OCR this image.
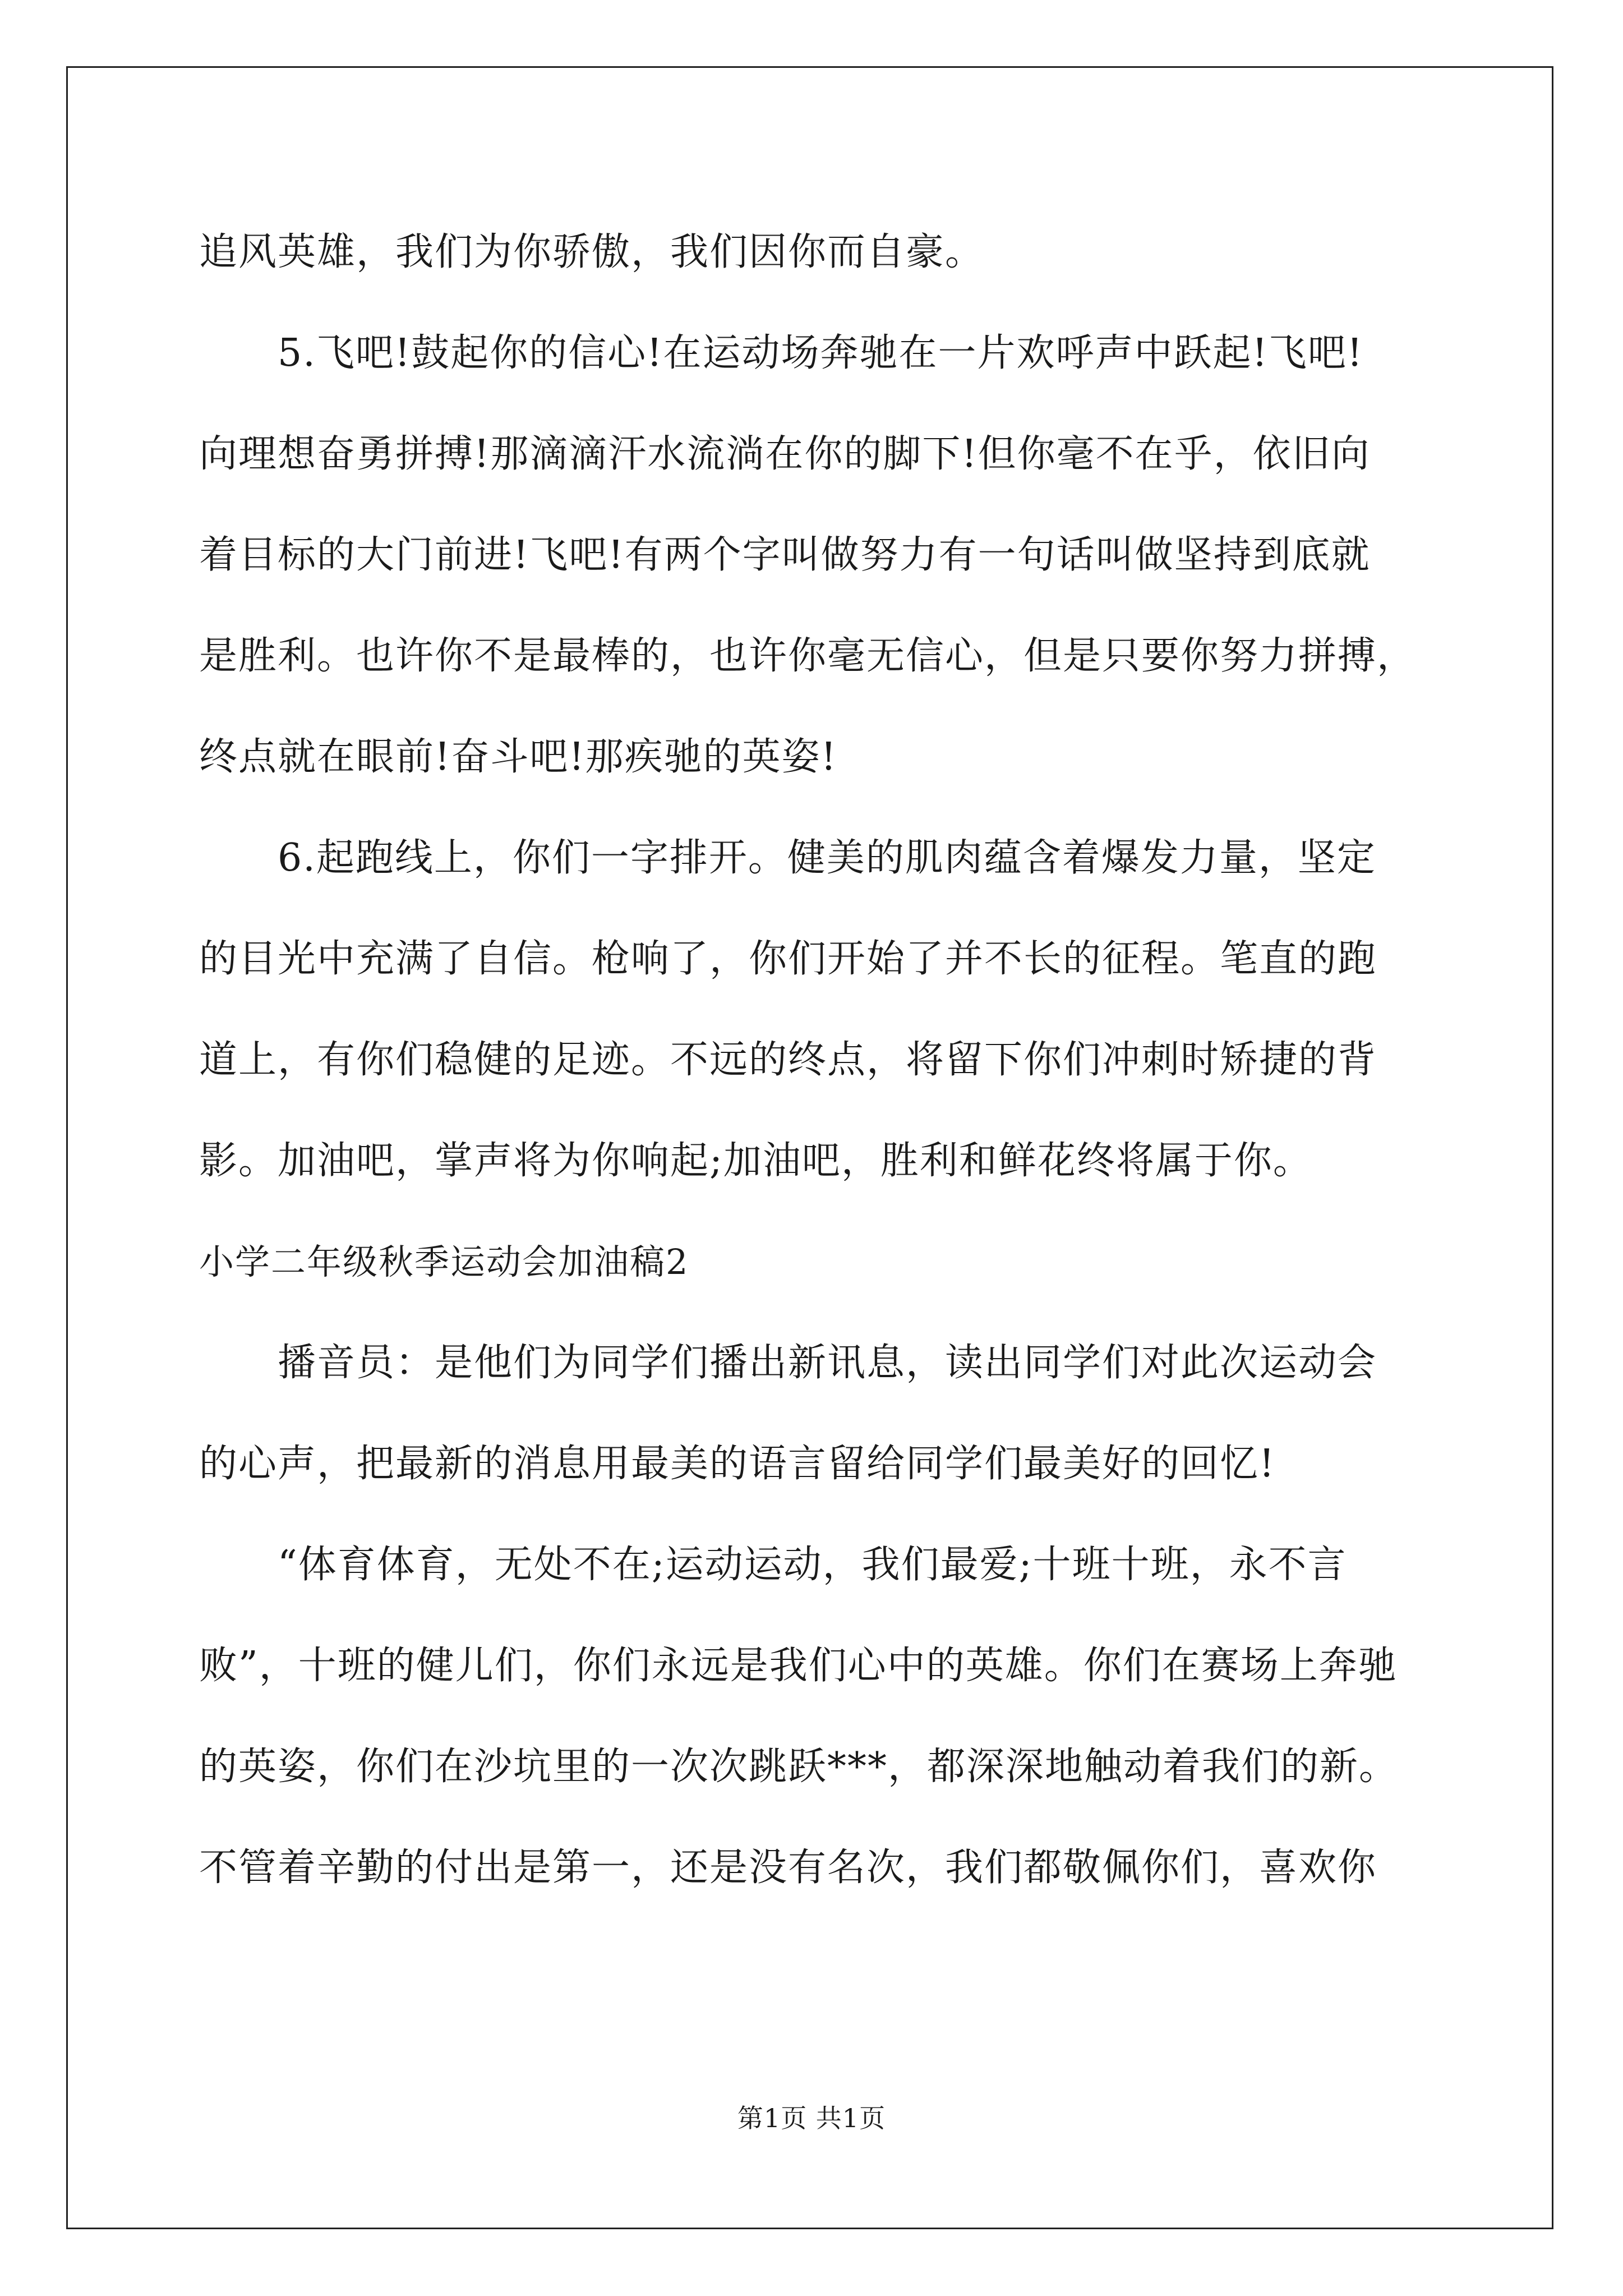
追风英雄，我们为你骄傲，我们因你而自豪。
5.飞吧!鼓起你的信心!在运动场奔驰在一片欢呼声中跃起!飞吧!
向理想奋勇拼搏!那滴滴汗水流淌在你的脚下!但你毫不在乎，依旧向
着目标的大门前进!飞吧!有两个字叫做努力有一句话叫做坚持到底就
是胜利。也许你不是最棒的，也许你毫无信心，但是只要你努力拼搏，
终点就在眼前!奋斗吧!那疾驰的英姿!
6.起跑线上，你们一字排开。健美的肌肉蕴含着爆发力量，坚定
的目光中充满了自信。枪响了，你们开始了并不长的征程。笔直的跑
道上，有你们稳健的足迹。不远的终点，将留下你们冲刺时矫捷的背
影。加油吧，掌声将为你响起;加油吧，胜利和鲜花终将属于你。
小学二年级秋季运动会加油稿2
播音员：是他们为同学们播出新讯息，读出同学们对此次运动会
的心声，把最新的消息用最美的语言留给同学们最美好的回忆!
“体育体育，无处不在;运动运动，我们最爱;十班十班，永不言
败”，十班的健儿们，你们永远是我们心中的英雄。你们在赛场上奔驰
的英姿，你们在沙坑里的一次次跳跃***，都深深地触动着我们的新。
不管着辛勤的付出是第一，还是没有名次，我们都敬佩你们，喜欢你
第1页 共1页
